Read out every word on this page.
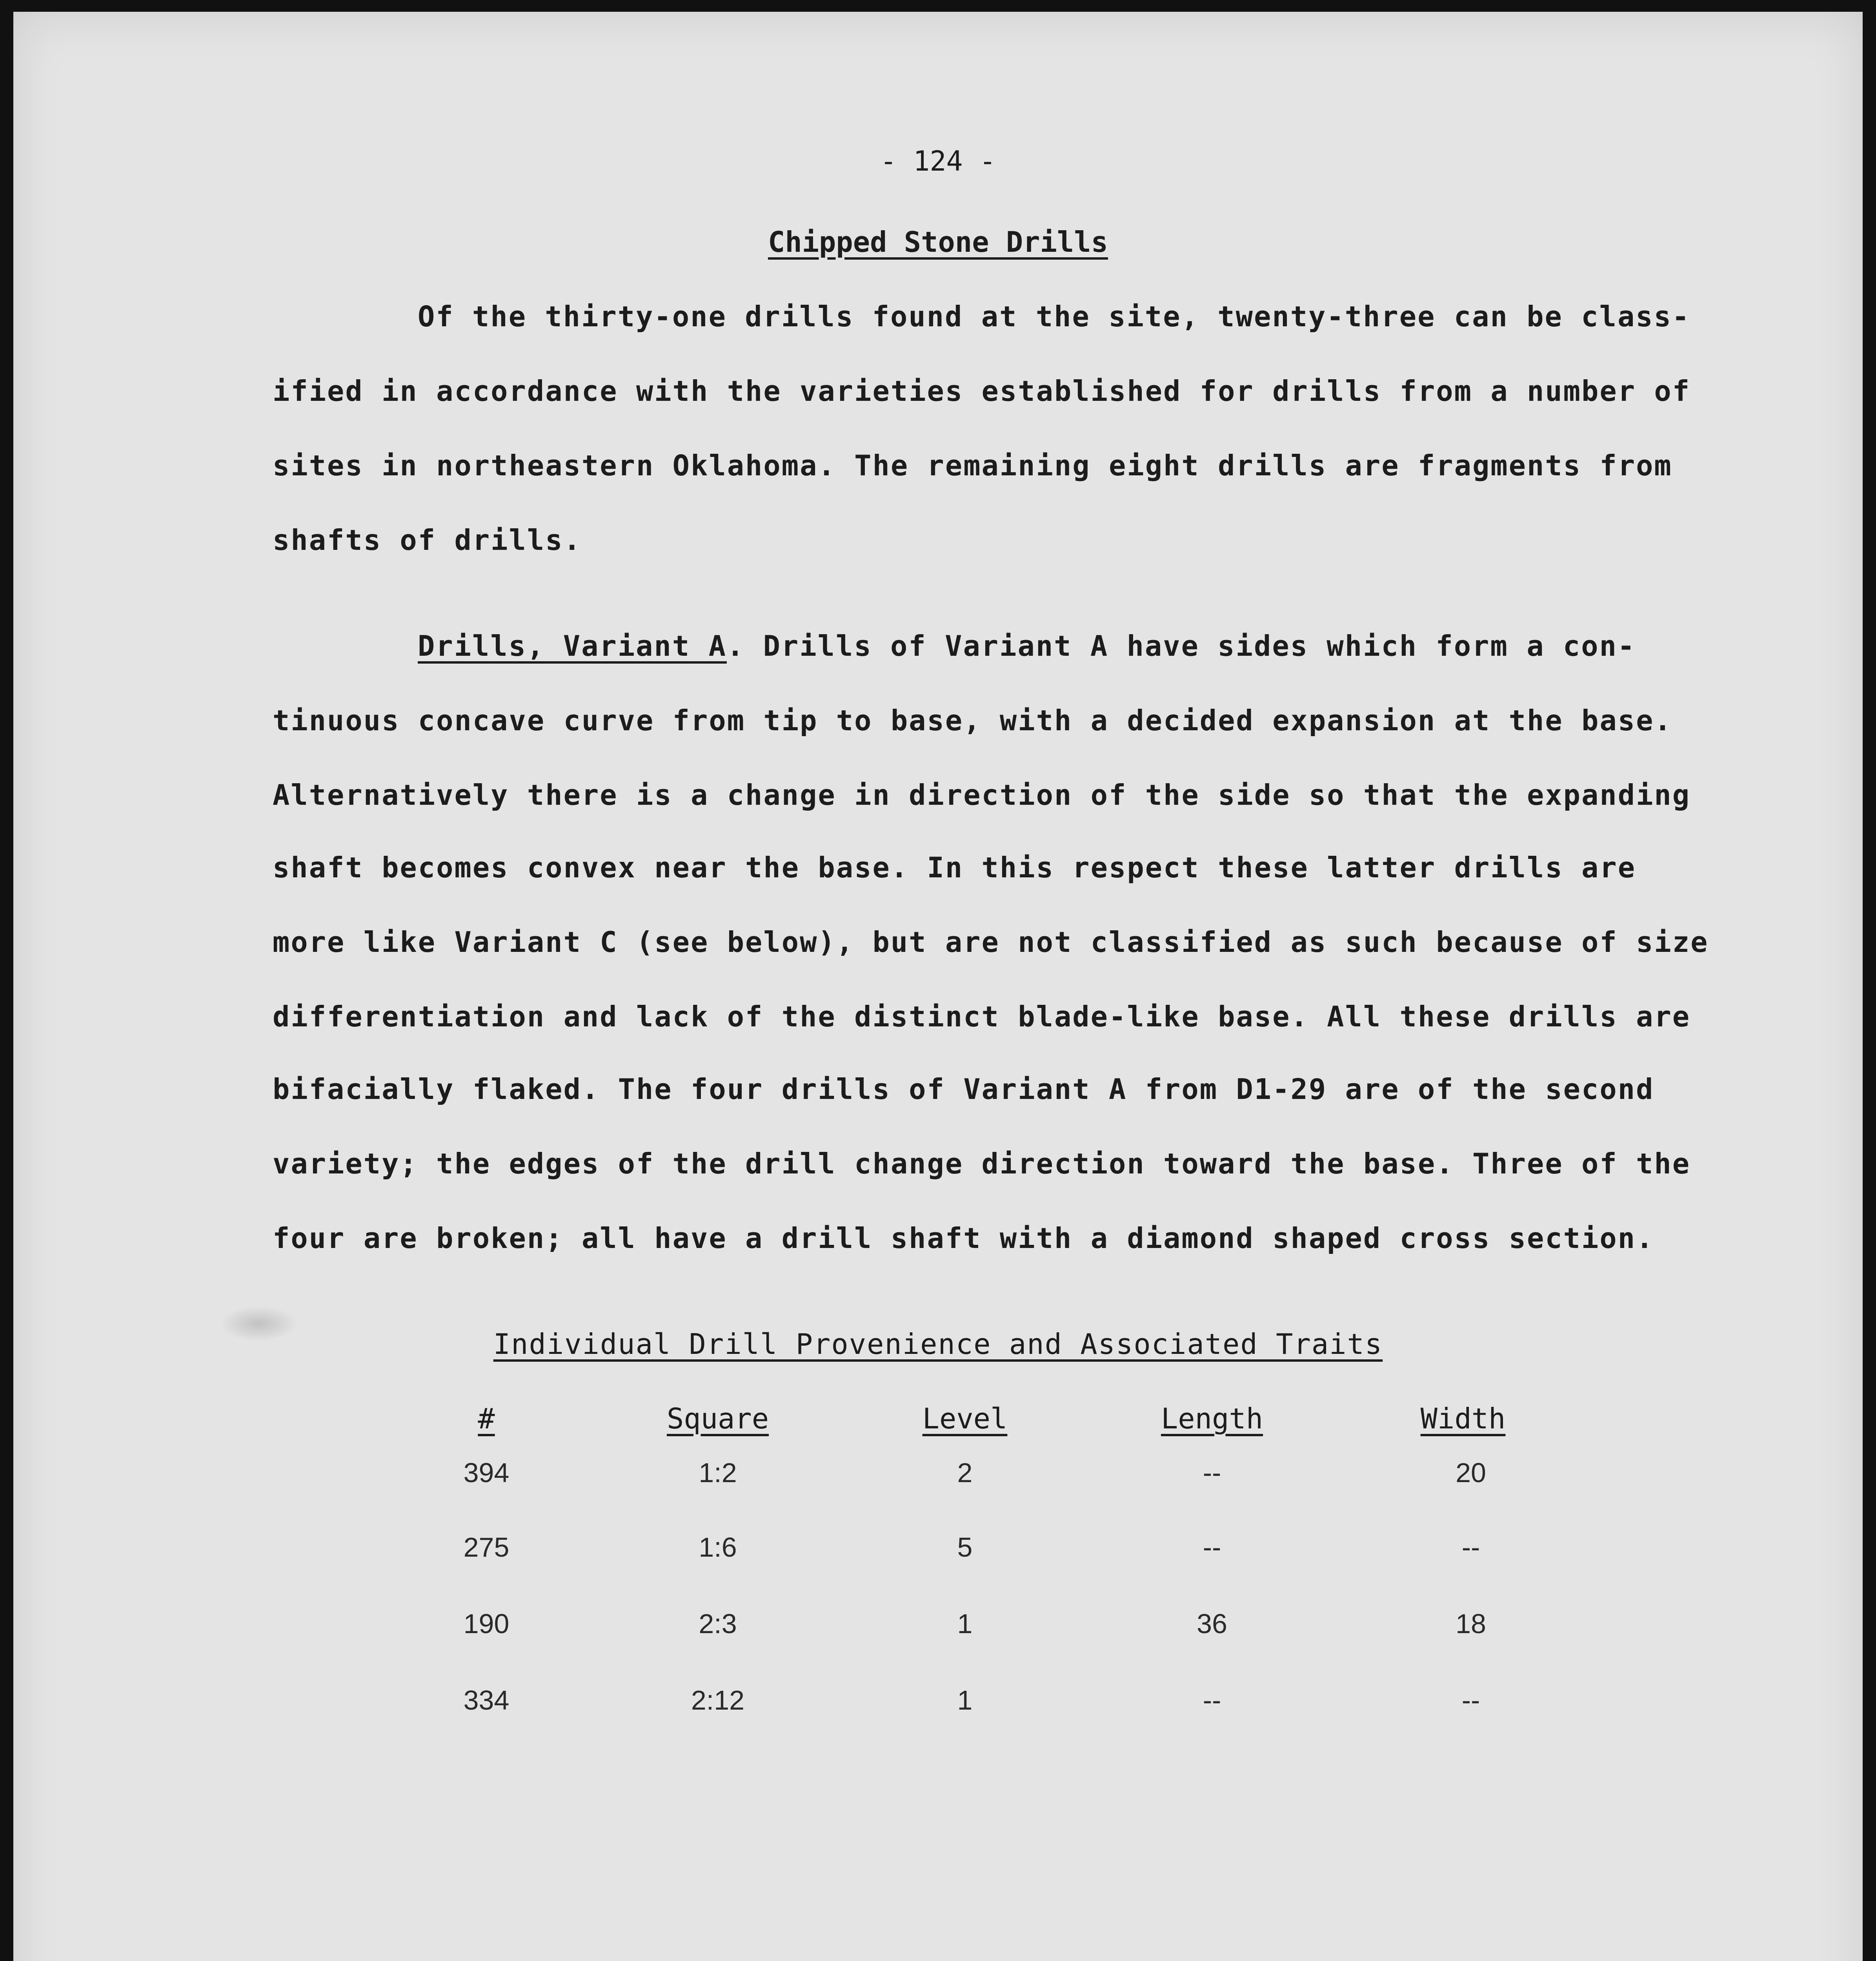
- 124 -
Chipped Stone Drills
Of the thirty-one drills found at the site, twenty-three can be class-
ified in accordance with the varieties established for drills from a number of
sites in northeastern Oklahoma. The remaining eight drills are fragments from
shafts of drills.
Drills, Variant A. Drills of Variant A have sides which form a con-
tinuous concave curve from tip to base, with a decided expansion at the base.
Alternatively there is a change in direction of the side so that the expanding
shaft becomes convex near the base. In this respect these latter drills are
more like Variant C (see below), but are not classified as such because of size
differentiation and lack of the distinct blade-like base. All these drills are
bifacially flaked. The four drills of Variant A from D1-29 are of the second
variety; the edges of the drill change direction toward the base. Three of the
four are broken; all have a drill shaft with a diamond shaped cross section.
Individual Drill Provenience and Associated Traits
#	Square	Level	Length	Width
394	1:2	2	--	20
275	1:6	5	--	--
190	2:3	1	36	18
334	2:12	1	--	--
